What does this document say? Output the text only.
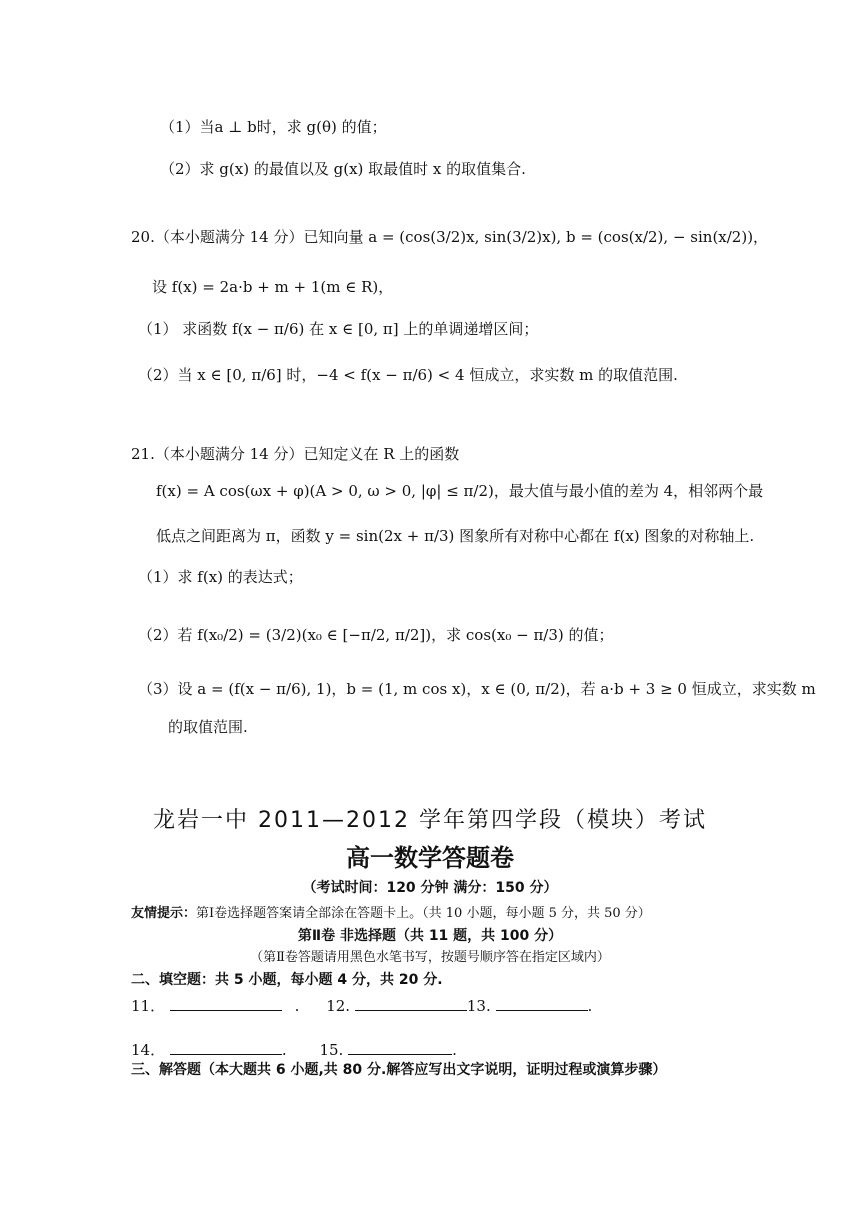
（1）当a ⊥ b时，求 g(θ) 的值；
（2）求 g(x) 的最值以及 g(x) 取最值时 x 的取值集合.
20.（本小题满分 14 分）已知向量 a = (cos(3/2)x, sin(3/2)x), b = (cos(x/2), − sin(x/2))，
设 f(x) = 2a·b + m + 1(m ∈ R)，
（1） 求函数 f(x − π/6) 在 x ∈ [0, π] 上的单调递增区间；
（2）当 x ∈ [0, π/6] 时，−4 < f(x − π/6) < 4 恒成立，求实数 m 的取值范围.
21.（本小题满分 14 分）已知定义在 R 上的函数
f(x) = A cos(ωx + φ)(A > 0, ω > 0, |φ| ≤ π/2)，最大值与最小值的差为 4，相邻两个最
低点之间距离为 π，函数 y = sin(2x + π/3) 图象所有对称中心都在 f(x) 图象的对称轴上.
（1）求 f(x) 的表达式；
（2）若 f(x₀/2) = (3/2)(x₀ ∈ [−π/2, π/2])，求 cos(x₀ − π/3) 的值；
（3）设 a = (f(x − π/6), 1)，b = (1, m cos x)，x ∈ (0, π/2)，若 a·b + 3 ≥ 0 恒成立，求实数 m
的取值范围.
龙岩一中 2011—2012 学年第四学段（模块）考试
高一数学答题卷
（考试时间：120 分钟 满分：150 分）
友情提示：第Ⅰ卷选择题答案请全部涂在答题卡上。（共 10 小题，每小题 5 分，共 50 分）
第Ⅱ卷 非选择题（共 11 题，共 100 分）
（第Ⅱ卷答题请用黑色水笔书写，按题号顺序答在指定区域内）
二、填空题：共 5 小题，每小题 4 分，共 20 分.
11．	. 12.	13.	.
14．	. 15.	.
三、解答题（本大题共 6 小题,共 80 分.解答应写出文字说明，证明过程或演算步骤）
